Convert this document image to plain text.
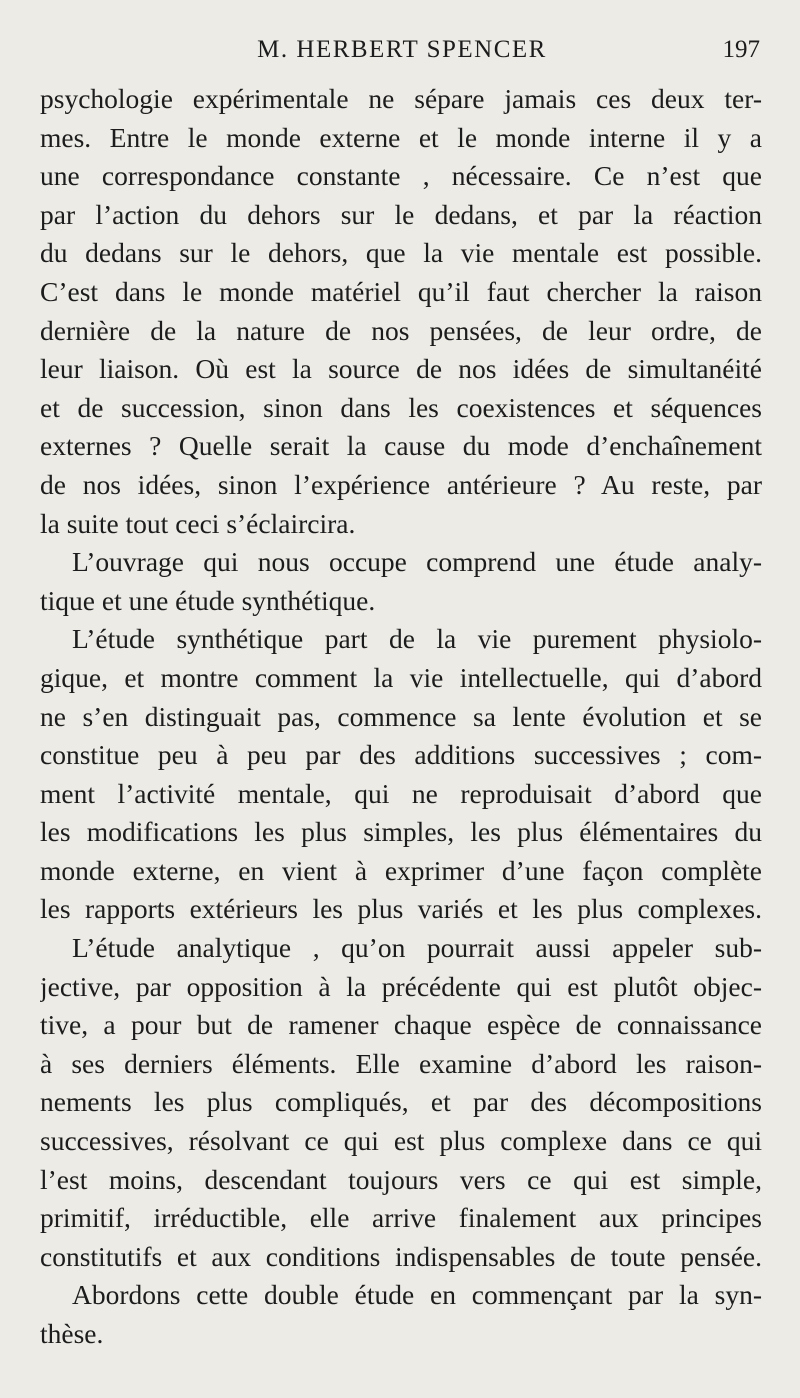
M. HERBERT SPENCER	197
psychologie expérimentale ne sépare jamais ces deux ter-
mes. Entre le monde externe et le monde interne il y a
une correspondance constante , nécessaire. Ce n’est que
par l’action du dehors sur le dedans, et par la réaction
du dedans sur le dehors, que la vie mentale est possible.
C’est dans le monde matériel qu’il faut chercher la raison
dernière de la nature de nos pensées, de leur ordre, de
leur liaison. Où est la source de nos idées de simultanéité
et de succession, sinon dans les coexistences et séquences
externes ? Quelle serait la cause du mode d’enchaînement
de nos idées, sinon l’expérience antérieure ? Au reste, par
la suite tout ceci s’éclaircira.
L’ouvrage qui nous occupe comprend une étude analy-
tique et une étude synthétique.
L’étude synthétique part de la vie purement physiolo-
gique, et montre comment la vie intellectuelle, qui d’abord
ne s’en distinguait pas, commence sa lente évolution et se
constitue peu à peu par des additions successives ; com-
ment l’activité mentale, qui ne reproduisait d’abord que
les modifications les plus simples, les plus élémentaires du
monde externe, en vient à exprimer d’une façon complète
les rapports extérieurs les plus variés et les plus complexes.
L’étude analytique , qu’on pourrait aussi appeler sub-
jective, par opposition à la précédente qui est plutôt objec-
tive, a pour but de ramener chaque espèce de connaissance
à ses derniers éléments. Elle examine d’abord les raison-
nements les plus compliqués, et par des décompositions
successives, résolvant ce qui est plus complexe dans ce qui
l’est moins, descendant toujours vers ce qui est simple,
primitif, irréductible, elle arrive finalement aux principes
constitutifs et aux conditions indispensables de toute pensée.
Abordons cette double étude en commençant par la syn-
thèse.
